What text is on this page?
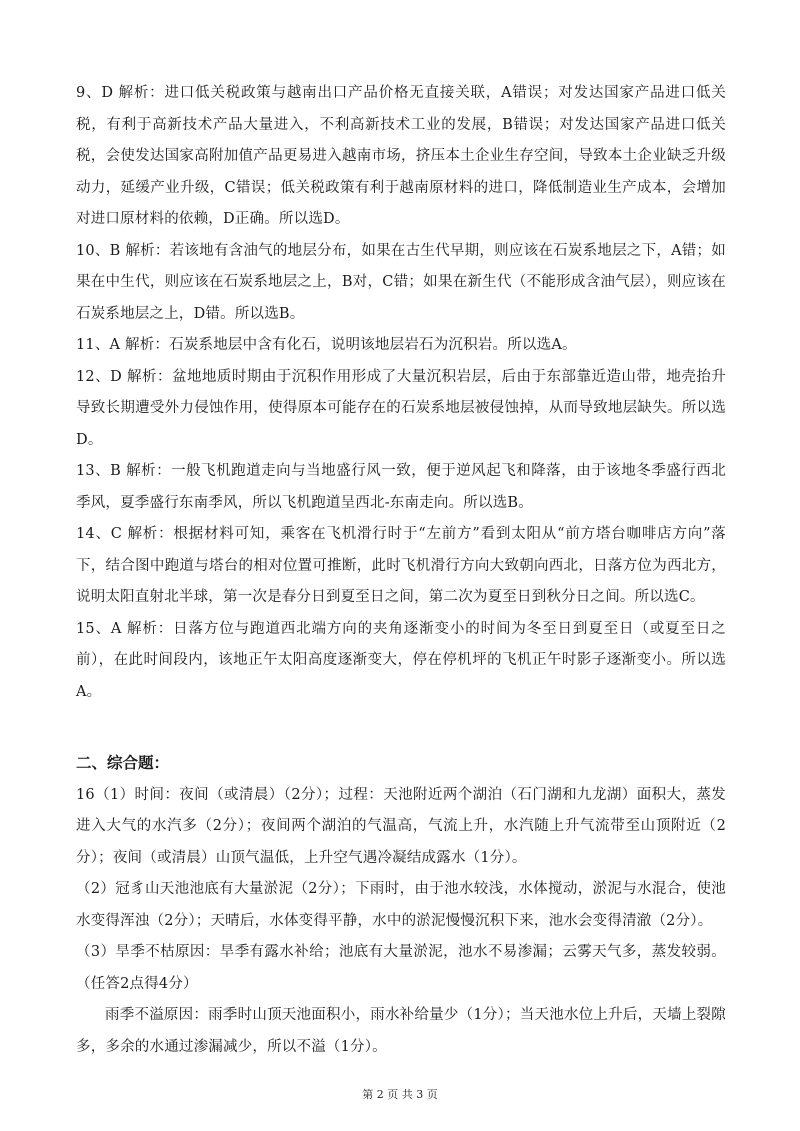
9、D 解析：进口低关税政策与越南出口产品价格无直接关联，A错误；对发达国家产品进口低关税，有利于高新技术产品大量进入，不利高新技术工业的发展，B错误；对发达国家产品进口低关税，会使发达国家高附加值产品更易进入越南市场，挤压本土企业生存空间，导致本土企业缺乏升级动力，延缓产业升级，C错误；低关税政策有利于越南原材料的进口，降低制造业生产成本，会增加对进口原材料的依赖，D正确。所以选D。

10、B 解析：若该地有含油气的地层分布，如果在古生代早期，则应该在石炭系地层之下，A错；如果在中生代，则应该在石炭系地层之上，B对，C错；如果在新生代（不能形成含油气层），则应该在石炭系地层之上，D错。所以选B。

11、A 解析：石炭系地层中含有化石，说明该地层岩石为沉积岩。所以选A。

12、D 解析：盆地地质时期由于沉积作用形成了大量沉积岩层，后由于东部靠近造山带，地壳抬升导致长期遭受外力侵蚀作用，使得原本可能存在的石炭系地层被侵蚀掉，从而导致地层缺失。所以选D。

13、B 解析：一般飞机跑道走向与当地盛行风一致，便于逆风起飞和降落，由于该地冬季盛行西北季风，夏季盛行东南季风，所以飞机跑道呈西北-东南走向。所以选B。

14、C 解析：根据材料可知，乘客在飞机滑行时于“左前方”看到太阳从“前方塔台咖啡店方向”落下，结合图中跑道与塔台的相对位置可推断，此时飞机滑行方向大致朝向西北，日落方位为西北方，说明太阳直射北半球，第一次是春分日到夏至日之间，第二次为夏至日到秋分日之间。所以选C。

15、A 解析：日落方位与跑道西北端方向的夹角逐渐变小的时间为冬至日到夏至日（或夏至日之前），在此时间段内，该地正午太阳高度逐渐变大，停在停机坪的飞机正午时影子逐渐变小。所以选A。

二、综合题：

16（1）时间：夜间（或清晨）（2分）；过程：天池附近两个湖泊（石门湖和九龙湖）面积大，蒸发进入大气的水汽多（2分）；夜间两个湖泊的气温高，气流上升，水汽随上升气流带至山顶附近（2分）；夜间（或清晨）山顶气温低，上升空气遇冷凝结成露水（1分）。

（2）冠豸山天池池底有大量淤泥（2分）；下雨时，由于池水较浅，水体搅动，淤泥与水混合，使池水变得浑浊（2分）；天晴后，水体变得平静，水中的淤泥慢慢沉积下来，池水会变得清澈（2分）。

（3）旱季不枯原因：旱季有露水补给；池底有大量淤泥，池水不易渗漏；云雾天气多，蒸发较弱。（任答2点得4分）

雨季不溢原因：雨季时山顶天池面积小，雨水补给量少（1分）；当天池水位上升后，天墙上裂隙多，多余的水通过渗漏减少，所以不溢（1分）。

第 2 页 共 3 页
